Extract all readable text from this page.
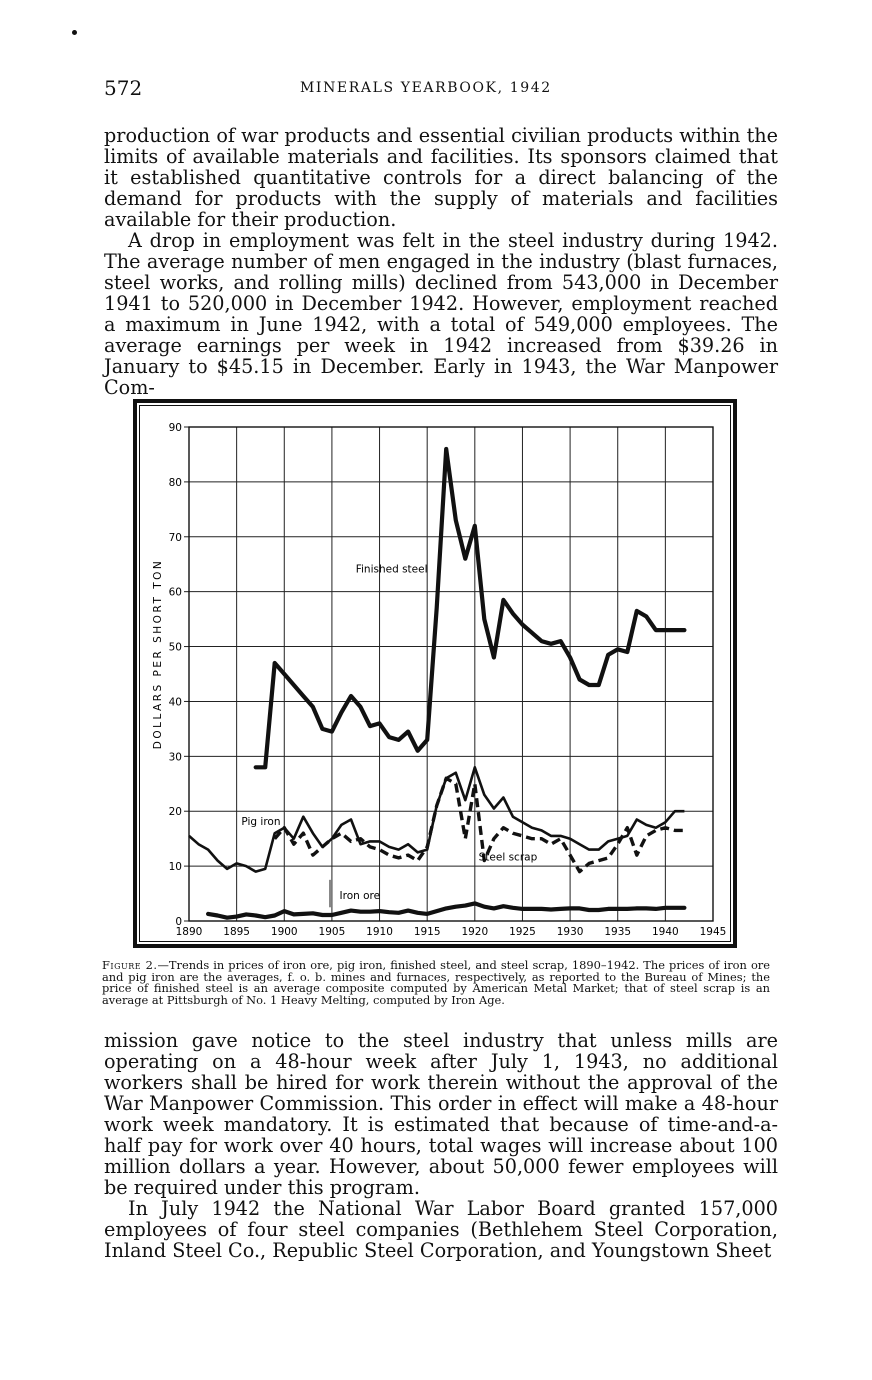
572	MINERALS YEARBOOK, 1942

production of war products and essential civilian products within the limits of available materials and facilities. Its sponsors claimed that it established quantitative controls for a direct balancing of the demand for products with the supply of materials and facilities available for their production.

A drop in employment was felt in the steel industry during 1942. The average number of men engaged in the industry (blast furnaces, steel works, and rolling mills) declined from 543,000 in December 1941 to 520,000 in December 1942. However, employment reached a maximum in June 1942, with a total of 549,000 employees. The average earnings per week in 1942 increased from $39.26 in January to $45.15 in December. Early in 1943, the War Manpower Com-

1890 1895 1900 1905 1910 1915 1920 1925 1930 1935 1940 1945
0
10
20
30
40
50
60
70
80
90
DOLLARS PER SHORT TON	Finished steel
Pig iron
Steel scrap
Iron ore
Figure 2.—Trends in prices of iron ore, pig iron, finished steel, and steel scrap, 1890–1942. The prices of iron ore and pig iron are the averages, f. o. b. mines and furnaces, respectively, as reported to the Bureau of Mines; the price of finished steel is an average composite computed by American Metal Market; that of steel scrap is an average at Pittsburgh of No. 1 Heavy Melting, computed by Iron Age.

mission gave notice to the steel industry that unless mills are operating on a 48-hour week after July 1, 1943, no additional workers shall be hired for work therein without the approval of the War Manpower Commission. This order in effect will make a 48-hour work week mandatory. It is estimated that because of time-and-a-half pay for work over 40 hours, total wages will increase about 100 million dollars a year. However, about 50,000 fewer employees will be required under this program.

In July 1942 the National War Labor Board granted 157,000 employees of four steel companies (Bethlehem Steel Corporation, Inland Steel Co., Republic Steel Corporation, and Youngstown Sheet
